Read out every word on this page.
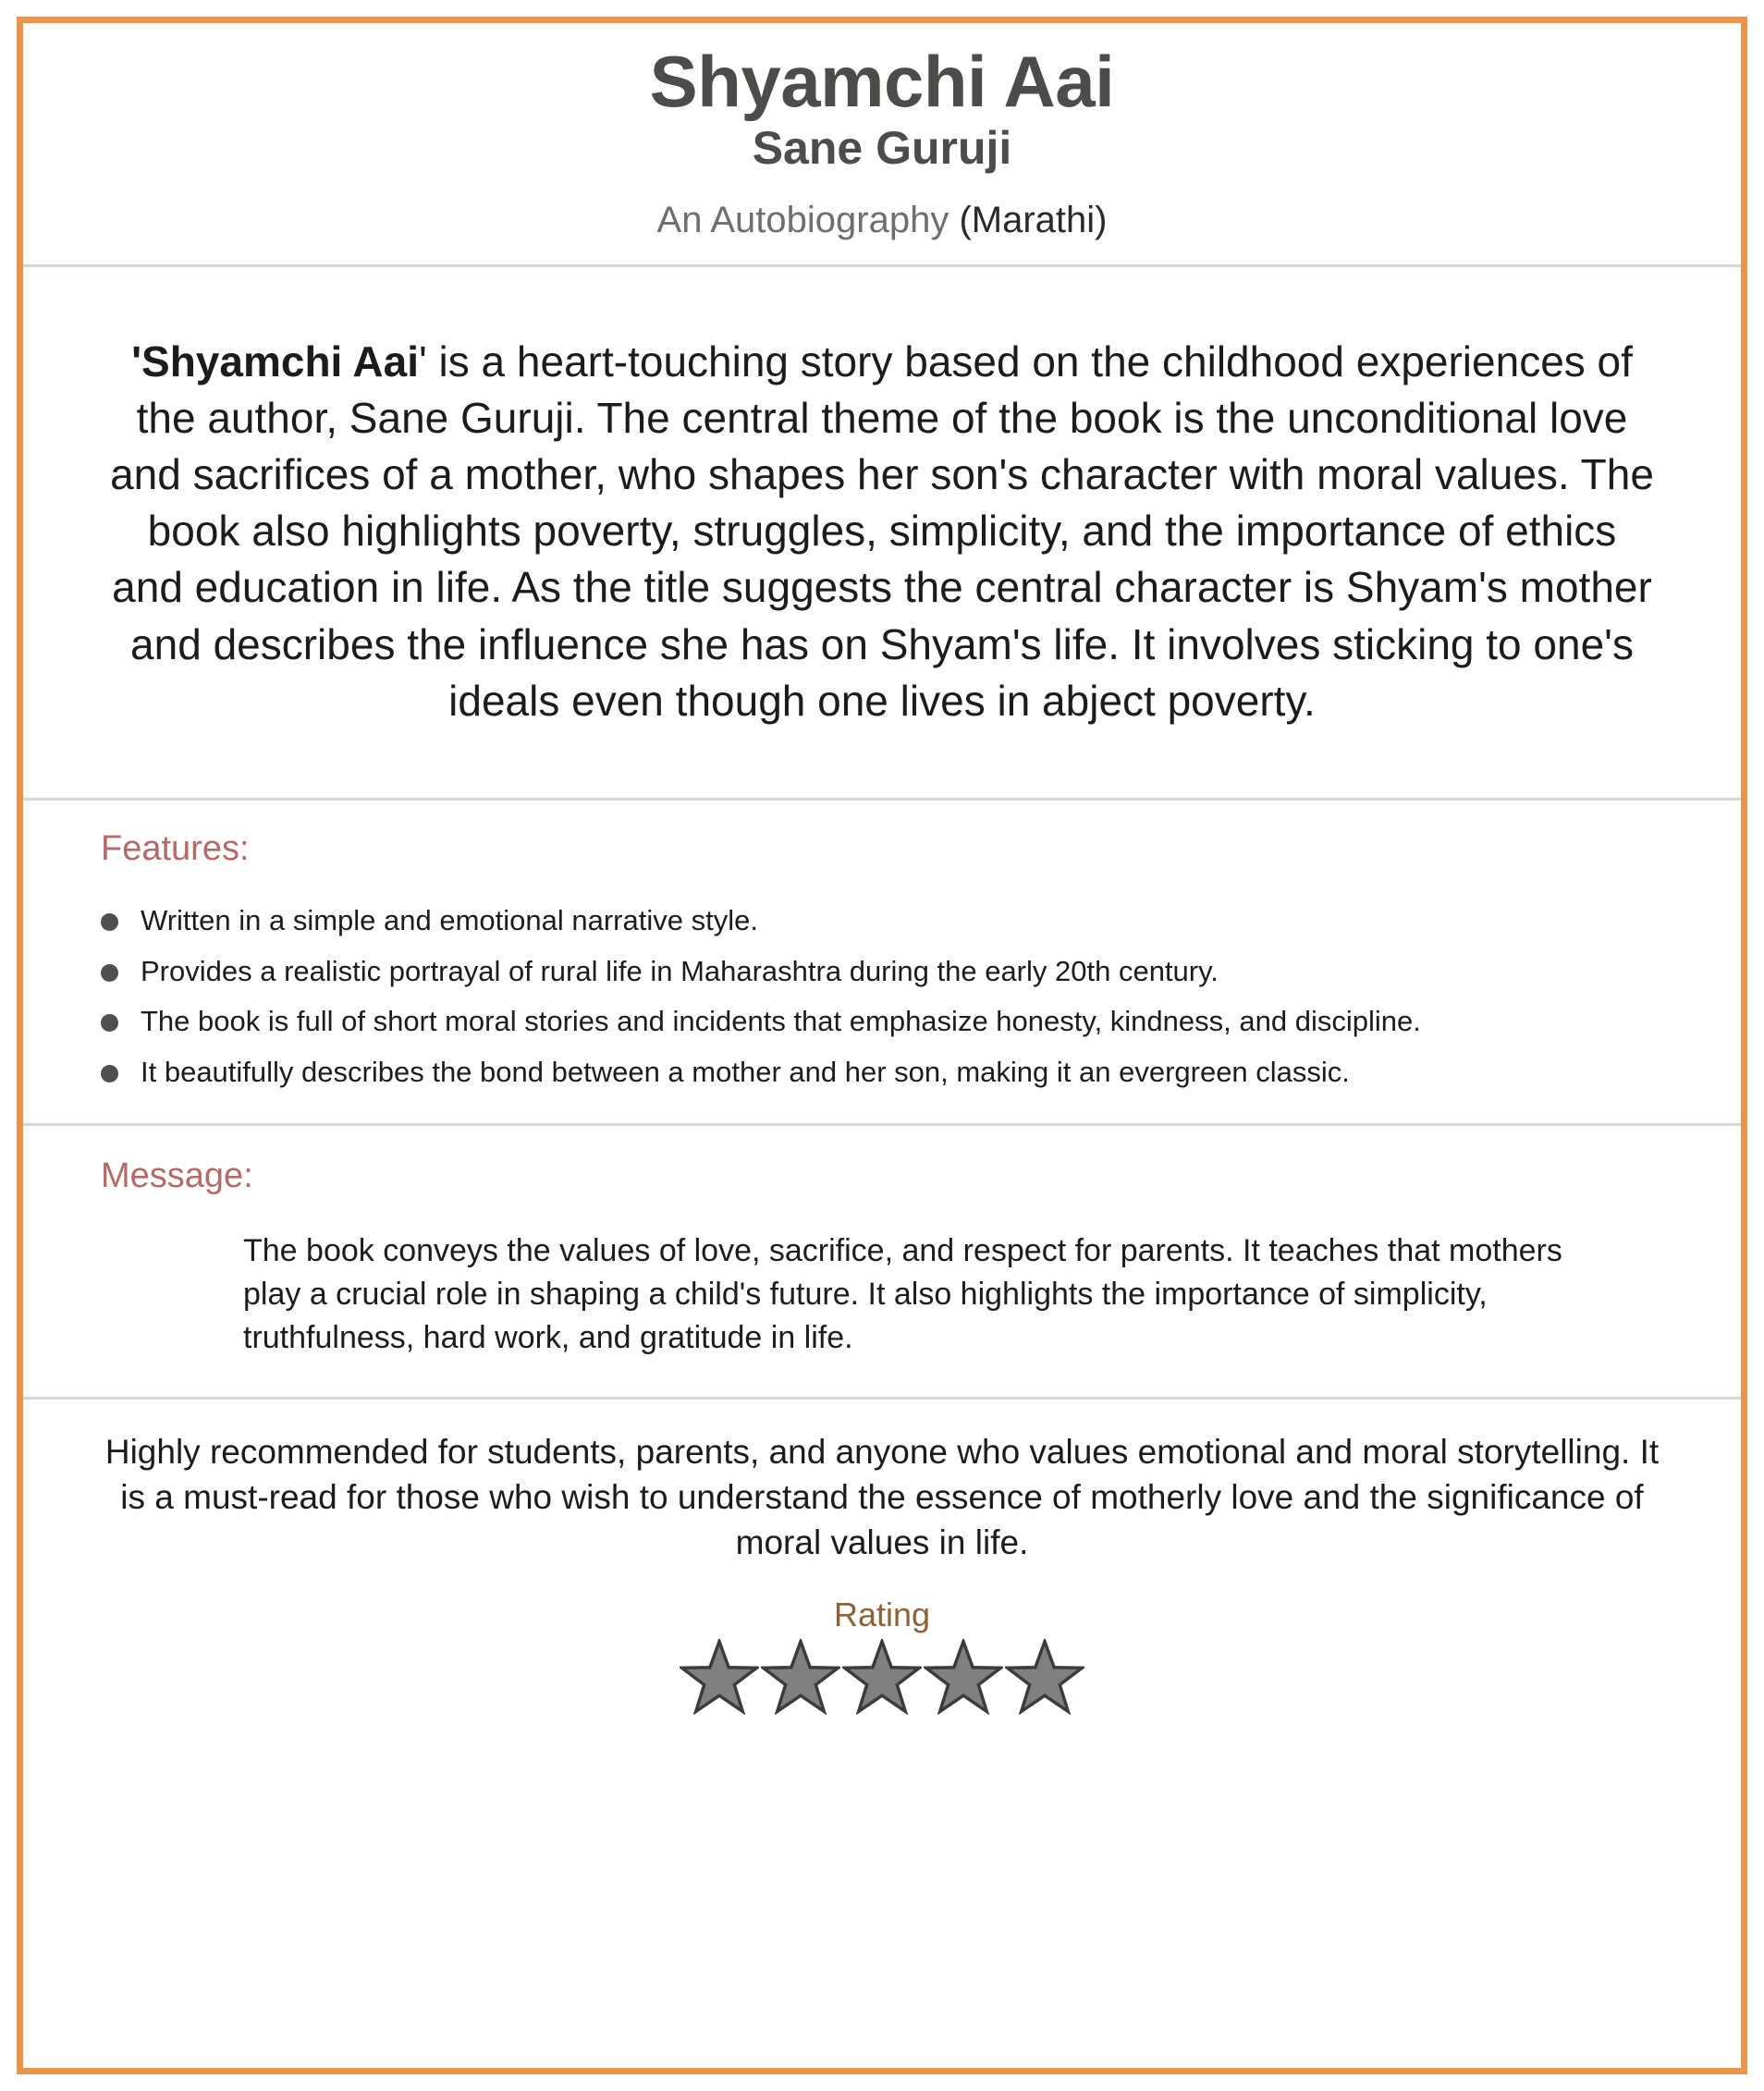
Shyamchi Aai
Sane Guruji
An Autobiography (Marathi)

'Shyamchi Aai' is a heart-touching story based on the childhood experiences of the author, Sane Guruji. The central theme of the book is the unconditional love and sacrifices of a mother, who shapes her son's character with moral values. The book also highlights poverty, struggles, simplicity, and the importance of ethics and education in life. As the title suggests the central character is Shyam's mother and describes the influence she has on Shyam's life. It involves sticking to one's ideals even though one lives in abject poverty.

Features:
Written in a simple and emotional narrative style.
Provides a realistic portrayal of rural life in Maharashtra during the early 20th century.
The book is full of short moral stories and incidents that emphasize honesty, kindness, and discipline.
It beautifully describes the bond between a mother and her son, making it an evergreen classic.
Message:

The book conveys the values of love, sacrifice, and respect for parents. It teaches that mothers play a crucial role in shaping a child's future. It also highlights the importance of simplicity, truthfulness, hard work, and gratitude in life.

Highly recommended for students, parents, and anyone who values emotional and moral storytelling. It is a must-read for those who wish to understand the essence of motherly love and the significance of moral values in life.

Rating
